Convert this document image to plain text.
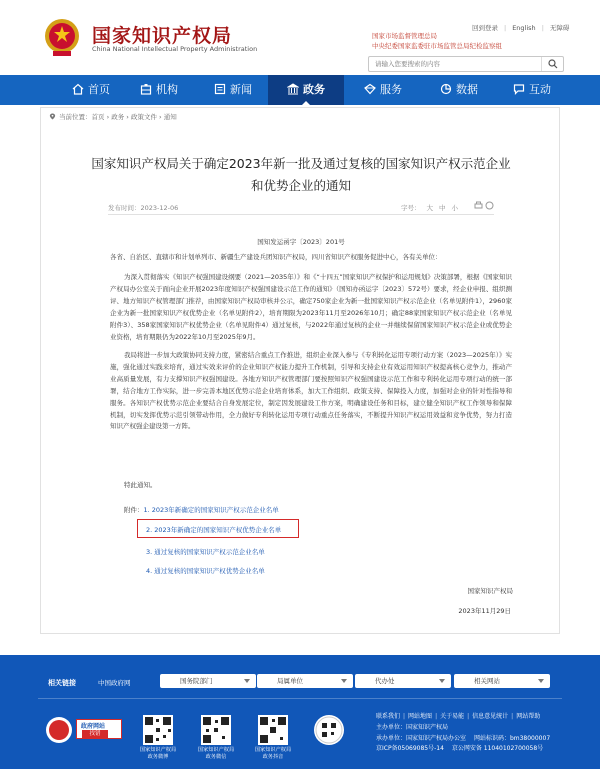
国家知识产权局
China National Intellectual Property Administration
国家市场监督管理总局
中央纪委国家监委驻市场监管总局纪检监察组
回到登录 | English | 无障碍
请输入您要搜索的内容
首页	机构	新闻	政务	服务	数据	互动
当前位置：首页 › 政务 › 政策文件 › 通知
国家知识产权局关于确定2023年新一批及通过复核的国家知识产权示范企业
和优势企业的通知
发布时间：2023-12-06	字号： 大 中 小

国知发运函字〔2023〕201号
各省、自治区、直辖市和计划单列市、新疆生产建设兵团知识产权局，四川省知识产权服务促进中心，各有关单位：
为深入贯彻落实《知识产权强国建设纲要（2021—2035年）》和《“十四五”国家知识产权保护和运用规划》决策部署，根据《国家知识产权局办公室关于面向企业开展2023年度知识产权强国建设示范工作的通知》（国知办函运字〔2023〕572号）要求，经企业申报、组织测评、地方知识产权管理部门推荐，由国家知识产权局审核并公示，确定750家企业为新一批国家知识产权示范企业（名单见附件1），2960家企业为新一批国家知识产权优势企业（名单见附件2），培育期限为2023年11月至2026年10月；确定88家国家知识产权示范企业（名单见附件3）、358家国家知识产权优势企业（名单见附件4）通过复核，与2022年通过复核的企业一并继续保留国家知识产权示范企业或优势企业资格，培育期限仍为2022年10月至2025年9月。
我局将进一步加大政策协同支持力度，紧密结合重点工作推进，组织企业深入参与《专利转化运用专项行动方案（2023—2025年）》实施，强化通过实践来培育，通过实效来评价的企业知识产权能力提升工作机制，引导和支持企业有效运用知识产权提高核心竞争力，推动产业高质量发展，有力支撑知识产权强国建设。各地方知识产权管理部门要按照知识产权强国建设示范工作和专利转化运用专项行动的统一部署，结合地方工作实际，进一步完善本地区优势示范企业培育体系，加大工作组织、政策支持、保障投入力度，加强对企业的针对性指导和服务。各知识产权优势示范企业要结合自身发展定位，制定因发展建设工作方案，明确建设任务和目标，建立健全知识产权工作领导和保障机制，切实发挥优势示范引领带动作用，全力做好专利转化运用专项行动重点任务落实，不断提升知识产权运用效益和竞争优势，努力打造知识产权强企建设第一方阵。
特此通知。
附件：1. 2023年新确定的国家知识产权示范企业名单
2. 2023年新确定的国家知识产权优势企业名单
3. 通过复核的国家知识产权示范企业名单
4. 通过复核的国家知识产权优势企业名单
国家知识产权局
2023年11月29日
相关链接	中国政府网	国务院部门	局属单位	代办处	相关网站
政府网站
找错
国家知识产权局
政务微博
国家知识产权局
政务微信
国家知识产权局
政务抖音
联系我们 | 网站地图 | 关于易能 | 信息意见统计 | 网站帮助
主办单位：国家知识产权局
承办单位：国家知识产权局办公室 网站标识码：bm38000007
京ICP备05069085号-14 京公网安备 11040102700058号
